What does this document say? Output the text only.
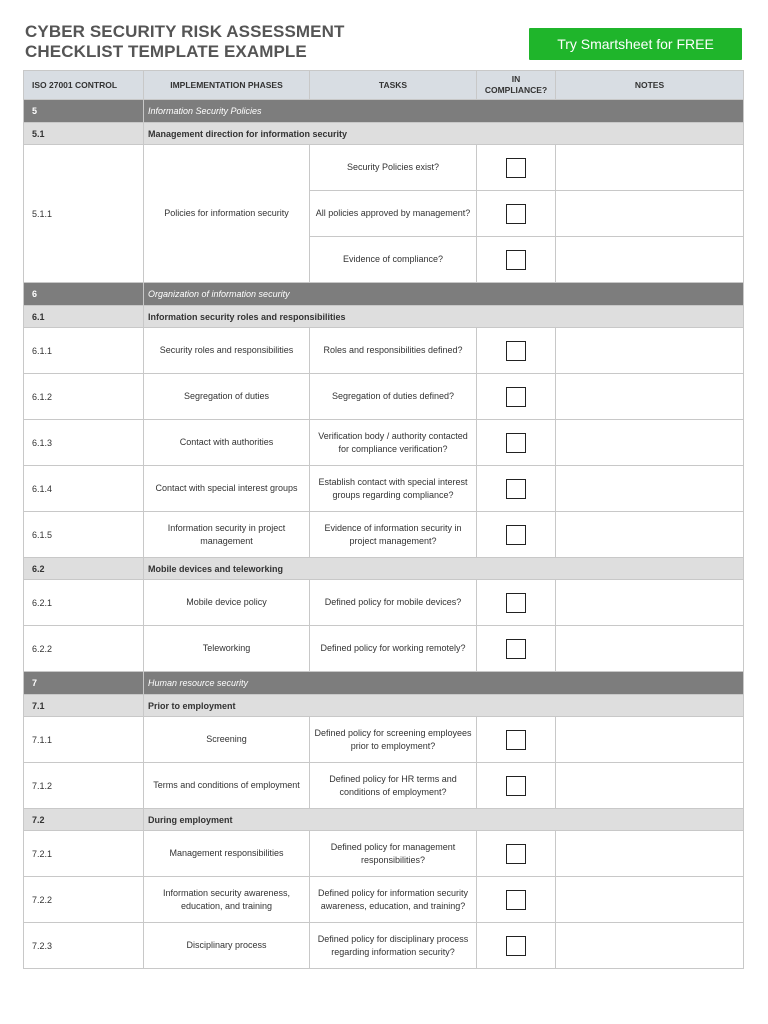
CYBER SECURITY RISK ASSESSMENT
CHECKLIST TEMPLATE EXAMPLE	Try Smartsheet for FREE
ISO 27001 CONTROL	IMPLEMENTATION PHASES	TASKS	IN COMPLIANCE?	NOTES
5	Information Security Policies			
5.1	Management direction for information security			
5.1.1	Policies for information security	Security Policies exist?		
		All policies approved by management?		
		Evidence of compliance?		
6	Organization of information security			
6.1	Information security roles and responsibilities			
6.1.1	Security roles and responsibilities	Roles and responsibilities defined?		
6.1.2	Segregation of duties	Segregation of duties defined?		
6.1.3	Contact with authorities	Verification body / authority contacted for compliance verification?		
6.1.4	Contact with special interest groups	Establish contact with special interest groups regarding compliance?		
6.1.5	Information security in project management	Evidence of information security in project management?		
6.2	Mobile devices and teleworking			
6.2.1	Mobile device policy	Defined policy for mobile devices?		
6.2.2	Teleworking	Defined policy for working remotely?		
7	Human resource security			
7.1	Prior to employment			
7.1.1	Screening	Defined policy for screening employees prior to employment?		
7.1.2	Terms and conditions of employment	Defined policy for HR terms and conditions of employment?		
7.2	During employment			
7.2.1	Management responsibilities	Defined policy for management responsibilities?		
7.2.2	Information security awareness, education, and training	Defined policy for information security awareness, education, and training?		
7.2.3	Disciplinary process	Defined policy for disciplinary process regarding information security?		
